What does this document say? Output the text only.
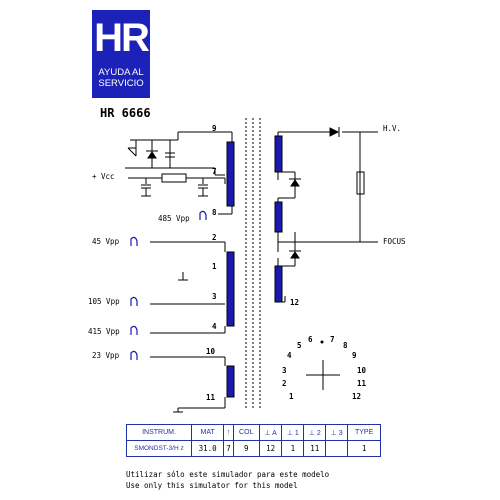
HR
AYUDA AL
SERVICIO
HR 6666
H.V.
FOCUS
+ Vcc
485 Vpp
45 Vpp
105 Vpp
415 Vpp
23 Vpp
9
7
8
2
1
3
4
10
11
12
1
2
3
4
5
6 7
8
9
10
11
12
INSTRUM.	MAT	↑	COL	⊥ A	⊥ 1	⊥ 2	⊥ 3	TYPE
SMONDST-3/H z	31.0	7	9	12	1	11		1
Utilizar sólo este simulador para este modelo
Use only this simulator for this model
